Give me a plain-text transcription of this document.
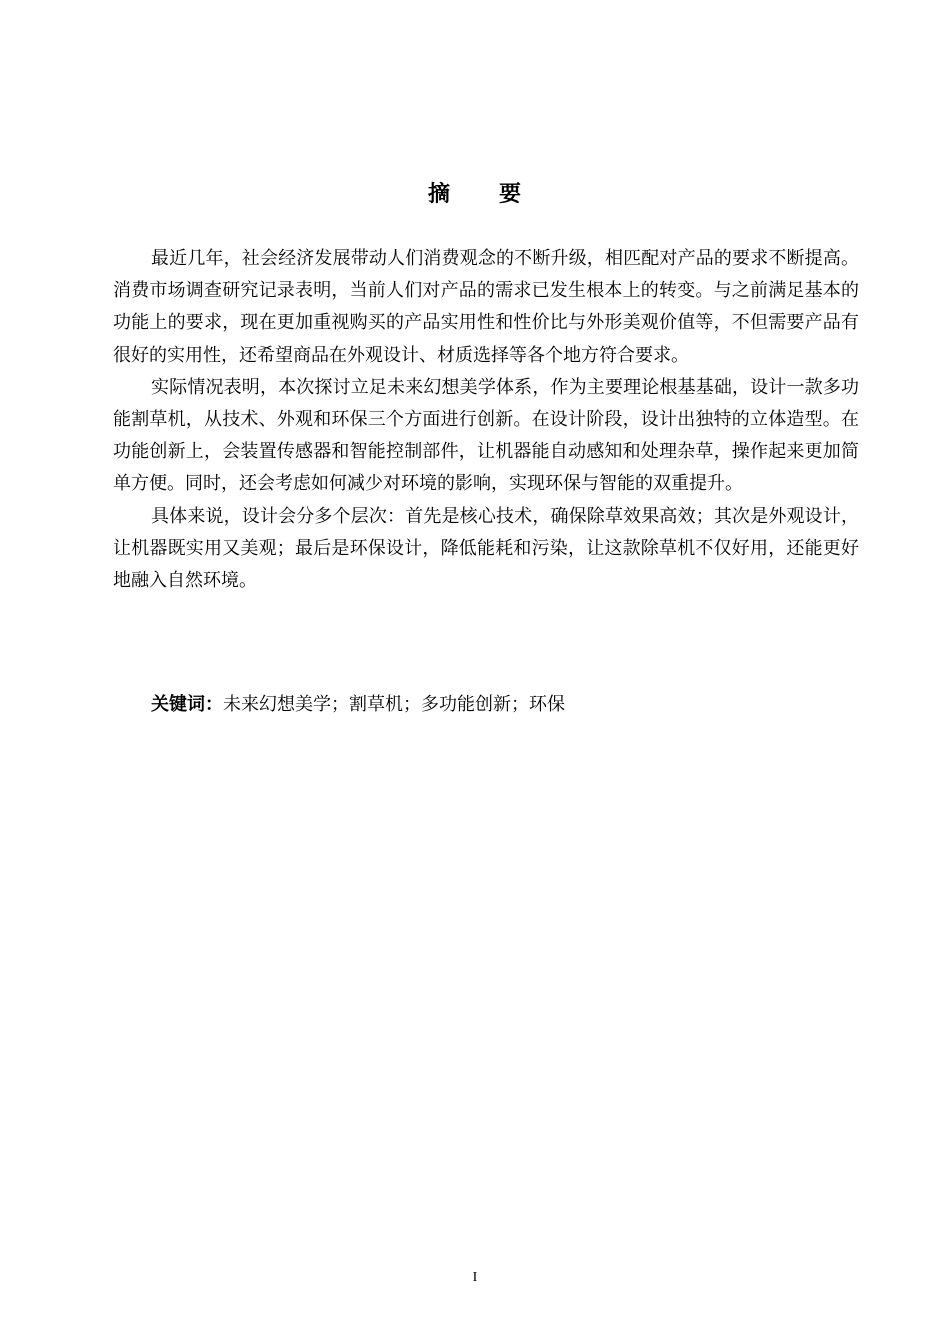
摘 要

最近几年，社会经济发展带动人们消费观念的不断升级，相匹配对产品的要求不断提高。消费市场调查研究记录表明，当前人们对产品的需求已发生根本上的转变。与之前满足基本的功能上的要求，现在更加重视购买的产品实用性和性价比与外形美观价值等，不但需要产品有很好的实用性，还希望商品在外观设计、材质选择等各个地方符合要求。

实际情况表明，本次探讨立足未来幻想美学体系，作为主要理论根基基础，设计一款多功能割草机，从技术、外观和环保三个方面进行创新。在设计阶段，设计出独特的立体造型。在功能创新上，会装置传感器和智能控制部件，让机器能自动感知和处理杂草，操作起来更加简单方便。同时，还会考虑如何减少对环境的影响，实现环保与智能的双重提升。

具体来说，设计会分多个层次：首先是核心技术，确保除草效果高效；其次是外观设计，让机器既实用又美观；最后是环保设计，降低能耗和污染，让这款除草机不仅好用，还能更好地融入自然环境。

关键词：未来幻想美学；割草机；多功能创新；环保
I
